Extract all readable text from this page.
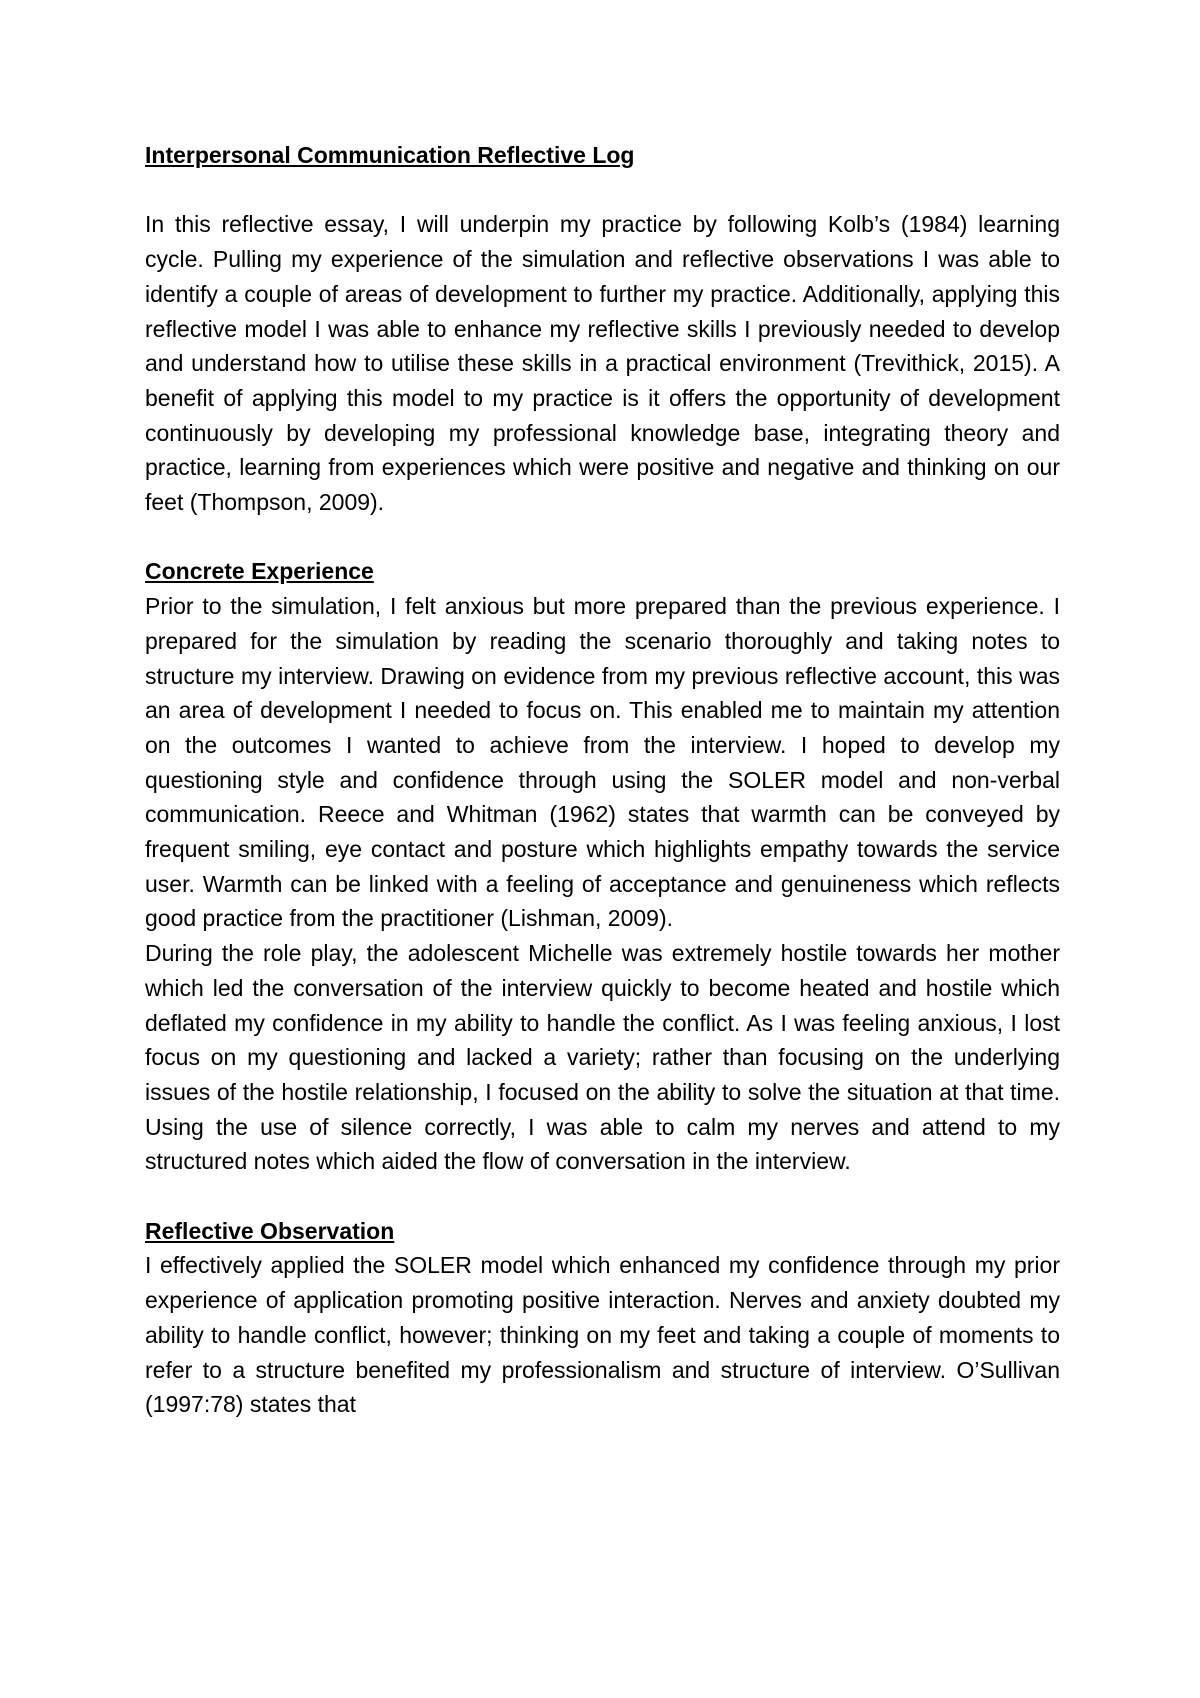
Interpersonal Communication Reflective Log

In this reflective essay, I will underpin my practice by following Kolb’s (1984) learning cycle. Pulling my experience of the simulation and reflective observations I was able to identify a couple of areas of development to further my practice. Additionally, applying this reflective model I was able to enhance my reflective skills I previously needed to develop and understand how to utilise these skills in a practical environment (Trevithick, 2015). A benefit of applying this model to my practice is it offers the opportunity of development continuously by developing my professional knowledge base, integrating theory and practice, learning from experiences which were positive and negative and thinking on our feet (Thompson, 2009).

Concrete Experience

Prior to the simulation, I felt anxious but more prepared than the previous experience. I prepared for the simulation by reading the scenario thoroughly and taking notes to structure my interview. Drawing on evidence from my previous reflective account, this was an area of development I needed to focus on. This enabled me to maintain my attention on the outcomes I wanted to achieve from the interview. I hoped to develop my questioning style and confidence through using the SOLER model and non-verbal communication. Reece and Whitman (1962) states that warmth can be conveyed by frequent smiling, eye contact and posture which highlights empathy towards the service user. Warmth can be linked with a feeling of acceptance and genuineness which reflects good practice from the practitioner (Lishman, 2009).

During the role play, the adolescent Michelle was extremely hostile towards her mother which led the conversation of the interview quickly to become heated and hostile which deflated my confidence in my ability to handle the conflict. As I was feeling anxious, I lost focus on my questioning and lacked a variety; rather than focusing on the underlying issues of the hostile relationship, I focused on the ability to solve the situation at that time. Using the use of silence correctly, I was able to calm my nerves and attend to my structured notes which aided the flow of conversation in the interview.

Reflective Observation

I effectively applied the SOLER model which enhanced my confidence through my prior experience of application promoting positive interaction. Nerves and anxiety doubted my ability to handle conflict, however; thinking on my feet and taking a couple of moments to refer to a structure benefited my professionalism and structure of interview. O’Sullivan (1997:78) states that
